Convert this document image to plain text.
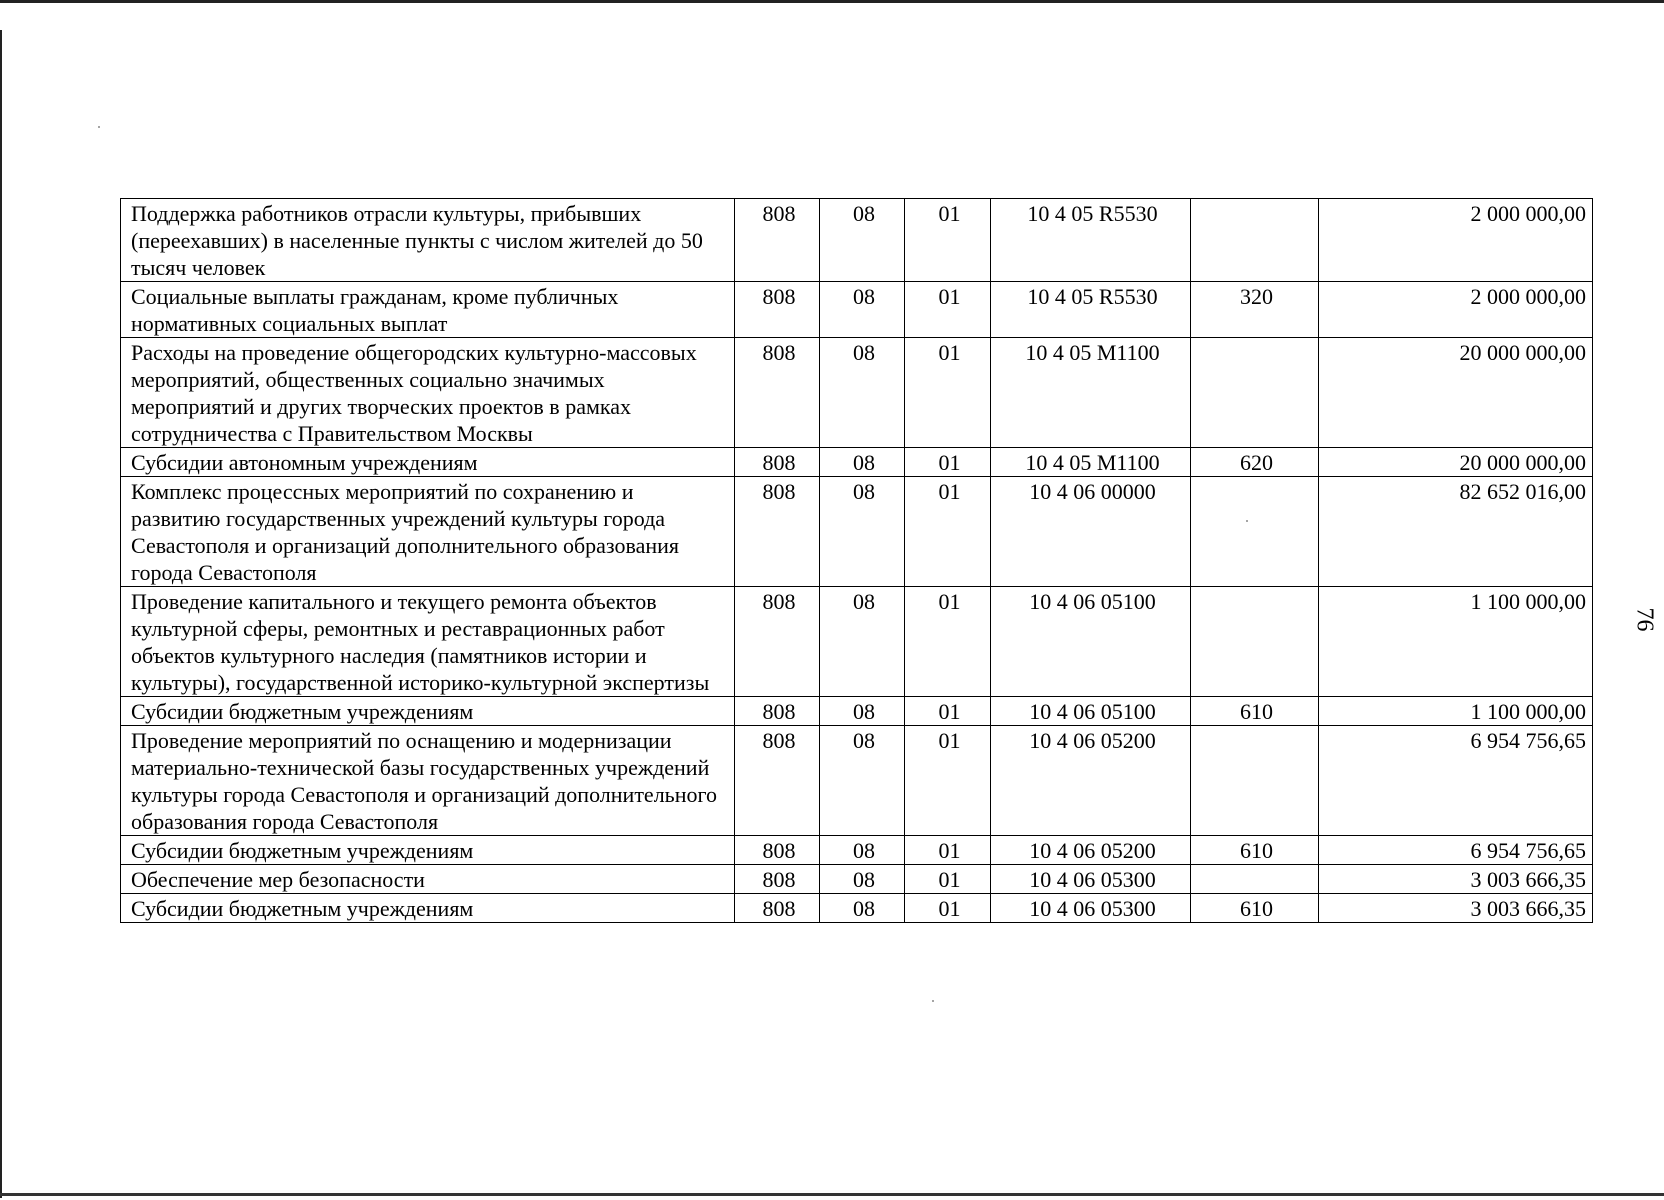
Поддержка работников отрасли культуры, прибывших (переехавших) в населенные пункты с числом жителей до 50 тысяч человек	808	08	01	10 4 05 R5530		2 000 000,00
Социальные выплаты гражданам, кроме публичных нормативных социальных выплат	808	08	01	10 4 05 R5530	320	2 000 000,00
Расходы на проведение общегородских культурно-массовых мероприятий, общественных социально значимых мероприятий и других творческих проектов в рамках сотрудничества с Правительством Москвы	808	08	01	10 4 05 M1100		20 000 000,00
Субсидии автономным учреждениям	808	08	01	10 4 05 M1100	620	20 000 000,00
Комплекс процессных мероприятий по сохранению и развитию государственных учреждений культуры города Севастополя и организаций дополнительного образования города Севастополя	808	08	01	10 4 06 00000		82 652 016,00
Проведение капитального и текущего ремонта объектов культурной сферы, ремонтных и реставрационных работ объектов культурного наследия (памятников истории и культуры), государственной историко-культурной экспертизы	808	08	01	10 4 06 05100		1 100 000,00
Субсидии бюджетным учреждениям	808	08	01	10 4 06 05100	610	1 100 000,00
Проведение мероприятий по оснащению и модернизации материально-технической базы государственных учреждений культуры города Севастополя и организаций дополнительного образования города Севастополя	808	08	01	10 4 06 05200		6 954 756,65
Субсидии бюджетным учреждениям	808	08	01	10 4 06 05200	610	6 954 756,65
Обеспечение мер безопасности	808	08	01	10 4 06 05300		3 003 666,35
Субсидии бюджетным учреждениям	808	08	01	10 4 06 05300	610	3 003 666,35
76
